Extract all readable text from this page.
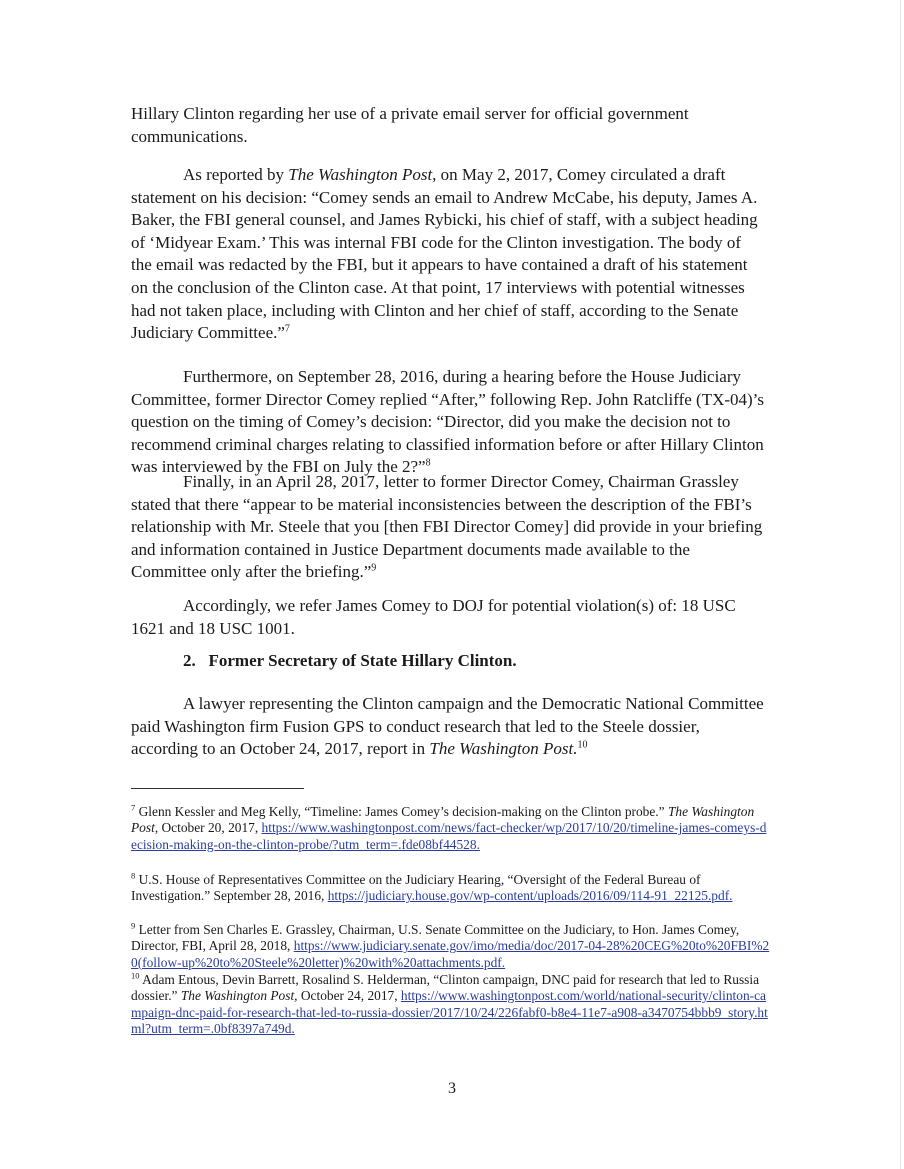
Hillary Clinton regarding her use of a private email server for official government communications.

As reported by The Washington Post, on May 2, 2017, Comey circulated a draft statement on his decision: “Comey sends an email to Andrew McCabe, his deputy, James A. Baker, the FBI general counsel, and James Rybicki, his chief of staff, with a subject heading of ‘Midyear Exam.’ This was internal FBI code for the Clinton investigation. The body of the email was redacted by the FBI, but it appears to have contained a draft of his statement on the conclusion of the Clinton case. At that point, 17 interviews with potential witnesses had not taken place, including with Clinton and her chief of staff, according to the Senate Judiciary Committee.”$^7$

Furthermore, on September 28, 2016, during a hearing before the House Judiciary Committee, former Director Comey replied “After,” following Rep. John Ratcliffe (TX-04)’s question on the timing of Comey’s decision: “Director, did you make the decision not to recommend criminal charges relating to classified information before or after Hillary Clinton was interviewed by the FBI on July the 2?”$^8$

Finally, in an April 28, 2017, letter to former Director Comey, Chairman Grassley stated that there “appear to be material inconsistencies between the description of the FBI’s relationship with Mr. Steele that you [then FBI Director Comey] did provide in your briefing and information contained in Justice Department documents made available to the Committee only after the briefing.”$^9$

Accordingly, we refer James Comey to DOJ for potential violation(s) of: 18 USC 1621 and 18 USC 1001.

2.  Former Secretary of State Hillary Clinton.

A lawyer representing the Clinton campaign and the Democratic National Committee paid Washington firm Fusion GPS to conduct research that led to the Steele dossier, according to an October 24, 2017, report in The Washington Post.$^{10}$

$^7$ Glenn Kessler and Meg Kelly, “Timeline: James Comey’s decision-making on the Clinton probe.” The Washington Post, October 20, 2017, https://www.washingtonpost.com/news/fact-checker/wp/2017/10/20/timeline-james-comeys-decision-making-on-the-clinton-probe/?utm_term=.fde08bf44528.

$^8$ U.S. House of Representatives Committee on the Judiciary Hearing, “Oversight of the Federal Bureau of Investigation.” September 28, 2016, https://judiciary.house.gov/wp-content/uploads/2016/09/114-91_22125.pdf.

$^9$ Letter from Sen Charles E. Grassley, Chairman, U.S. Senate Committee on the Judiciary, to Hon. James Comey, Director, FBI, April 28, 2018, https://www.judiciary.senate.gov/imo/media/doc/2017-04-28%20CEG%20to%20FBI%20(follow-up%20to%20Steele%20letter)%20with%20attachments.pdf.

$^{10}$ Adam Entous, Devin Barrett, Rosalind S. Helderman, “Clinton campaign, DNC paid for research that led to Russia dossier.” The Washington Post, October 24, 2017, https://www.washingtonpost.com/world/national-security/clinton-campaign-dnc-paid-for-research-that-led-to-russia-dossier/2017/10/24/226fabf0-b8e4-11e7-a908-a3470754bbb9_story.html?utm_term=.0bf8397a749d.

3
